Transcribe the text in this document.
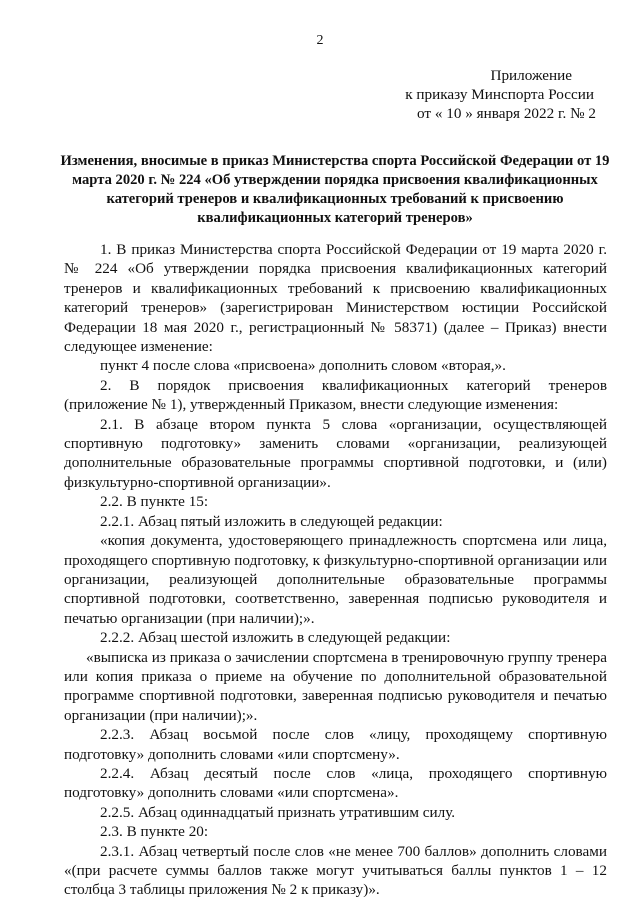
2
Приложение
к приказу Минспорта России
от « 10 » января 2022 г. № 2
Изменения, вносимые в приказ Министерства спорта Российской Федерации от 19 марта 2020 г. № 224 «Об утверждении порядка присвоения квалификационных категорий тренеров и квалификационных требований к присвоению квалификационных категорий тренеров»

1. В приказ Министерства спорта Российской Федерации от 19 марта 2020 г. № 224 «Об утверждении порядка присвоения квалификационных категорий тренеров и квалификационных требований к присвоению квалификационных категорий тренеров» (зарегистрирован Министерством юстиции Российской Федерации 18 мая 2020 г., регистрационный № 58371) (далее – Приказ) внести следующее изменение:

пункт 4 после слова «присвоена» дополнить словом «вторая,».

2. В порядок присвоения квалификационных категорий тренеров (приложение № 1), утвержденный Приказом, внести следующие изменения:

2.1. В абзаце втором пункта 5 слова «организации, осуществляющей спортивную подготовку» заменить словами «организации, реализующей дополнительные образовательные программы спортивной подготовки, и (или) физкультурно-спортивной организации».

2.2. В пункте 15:

2.2.1. Абзац пятый изложить в следующей редакции:

«копия документа, удостоверяющего принадлежность спортсмена или лица, проходящего спортивную подготовку, к физкультурно-спортивной организации или организации, реализующей дополнительные образовательные программы спортивной подготовки, соответственно, заверенная подписью руководителя и печатью организации (при наличии);».

2.2.2. Абзац шестой изложить в следующей редакции:

«выписка из приказа о зачислении спортсмена в тренировочную группу тренера или копия приказа о приеме на обучение по дополнительной образовательной программе спортивной подготовки, заверенная подписью руководителя и печатью организации (при наличии);».

2.2.3. Абзац восьмой после слов «лицу, проходящему спортивную подготовку» дополнить словами «или спортсмену».

2.2.4. Абзац десятый после слов «лица, проходящего спортивную подготовку» дополнить словами «или спортсмена».

2.2.5. Абзац одиннадцатый признать утратившим силу.

2.3. В пункте 20:

2.3.1. Абзац четвертый после слов «не менее 700 баллов» дополнить словами «(при расчете суммы баллов также могут учитываться баллы пунктов 1 – 12 столбца 3 таблицы приложения № 2 к приказу)».
